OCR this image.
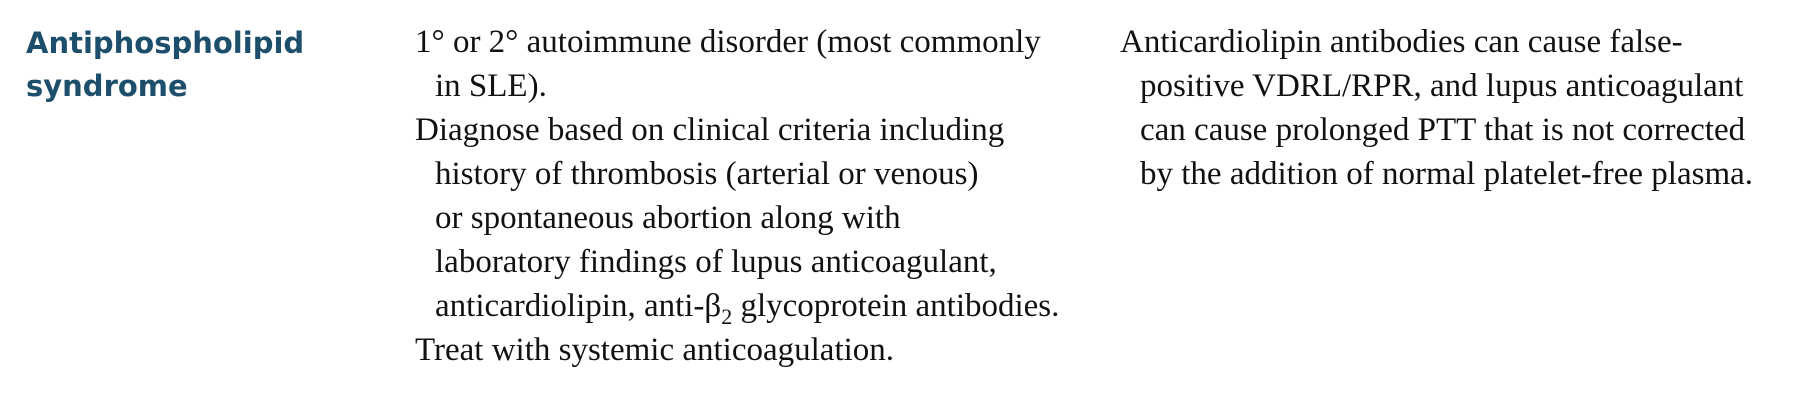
Antiphospholipid
syndrome
1° or 2° autoimmune disorder (most commonly
in SLE).
Diagnose based on clinical criteria including
history of thrombosis (arterial or venous)
or spontaneous abortion along with
laboratory findings of lupus anticoagulant,
anticardiolipin, anti-$\beta_2$ glycoprotein antibodies.
Treat with systemic anticoagulation.
Anticardiolipin antibodies can cause false-
positive VDRL/RPR, and lupus anticoagulant
can cause prolonged PTT that is not corrected
by the addition of normal platelet-free plasma.
